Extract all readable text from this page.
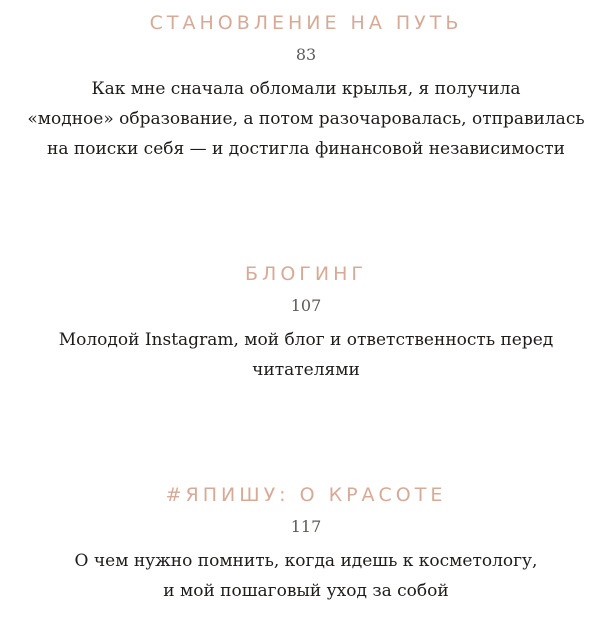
СТАНОВЛЕНИЕ НА ПУТЬ
83
Как мне сначала обломали крылья, я получила
«модное» образование, а потом разочаровалась, отправилась
на поиски себя — и достигла финансовой независимости
БЛОГИНГ
107
Молодой Instagram, мой блог и ответственность перед
читателями
#ЯПИШУ: О КРАСОТЕ
117
О чем нужно помнить, когда идешь к косметологу,
и мой пошаговый уход за собой
